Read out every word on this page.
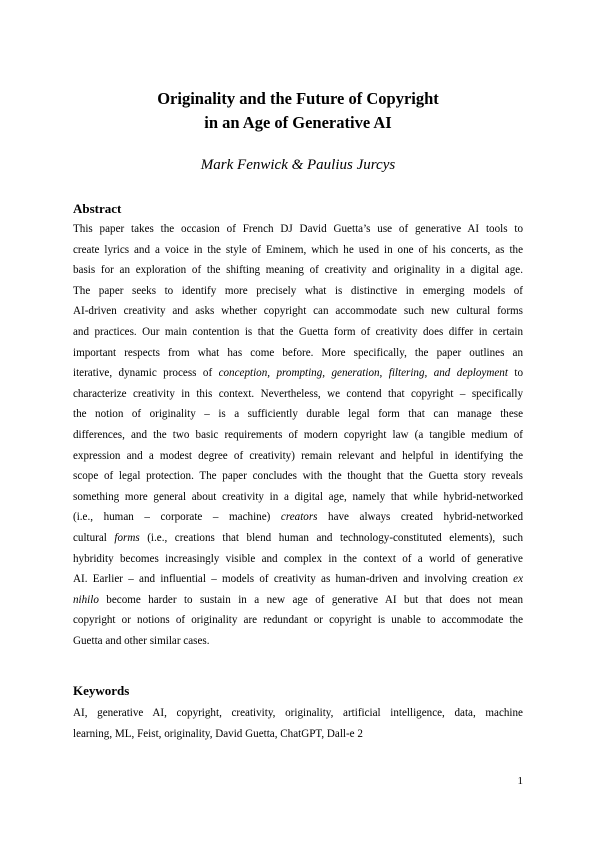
Originality and the Future of Copyright
in an Age of Generative AI
Mark Fenwick & Paulius Jurcys
Abstract
This paper takes the occasion of French DJ David Guetta’s use of generative AI tools to
create lyrics and a voice in the style of Eminem, which he used in one of his concerts, as the
basis for an exploration of the shifting meaning of creativity and originality in a digital age.
The paper seeks to identify more precisely what is distinctive in emerging models of
AI-driven creativity and asks whether copyright can accommodate such new cultural forms
and practices. Our main contention is that the Guetta form of creativity does differ in certain
important respects from what has come before. More specifically, the paper outlines an
iterative, dynamic process of conception, prompting, generation, filtering, and deployment to
characterize creativity in this context. Nevertheless, we contend that copyright – specifically
the notion of originality – is a sufficiently durable legal form that can manage these
differences, and the two basic requirements of modern copyright law (a tangible medium of
expression and a modest degree of creativity) remain relevant and helpful in identifying the
scope of legal protection. The paper concludes with the thought that the Guetta story reveals
something more general about creativity in a digital age, namely that while hybrid-networked
(i.e., human – corporate – machine) creators have always created hybrid-networked
cultural forms (i.e., creations that blend human and technology-constituted elements), such
hybridity becomes increasingly visible and complex in the context of a world of generative
AI. Earlier – and influential – models of creativity as human-driven and involving creation ex
nihilo become harder to sustain in a new age of generative AI but that does not mean
copyright or notions of originality are redundant or copyright is unable to accommodate the
Guetta and other similar cases.
Keywords
AI, generative AI, copyright, creativity, originality, artificial intelligence, data, machine
learning, ML, Feist, originality, David Guetta, ChatGPT, Dall-e 2
1
